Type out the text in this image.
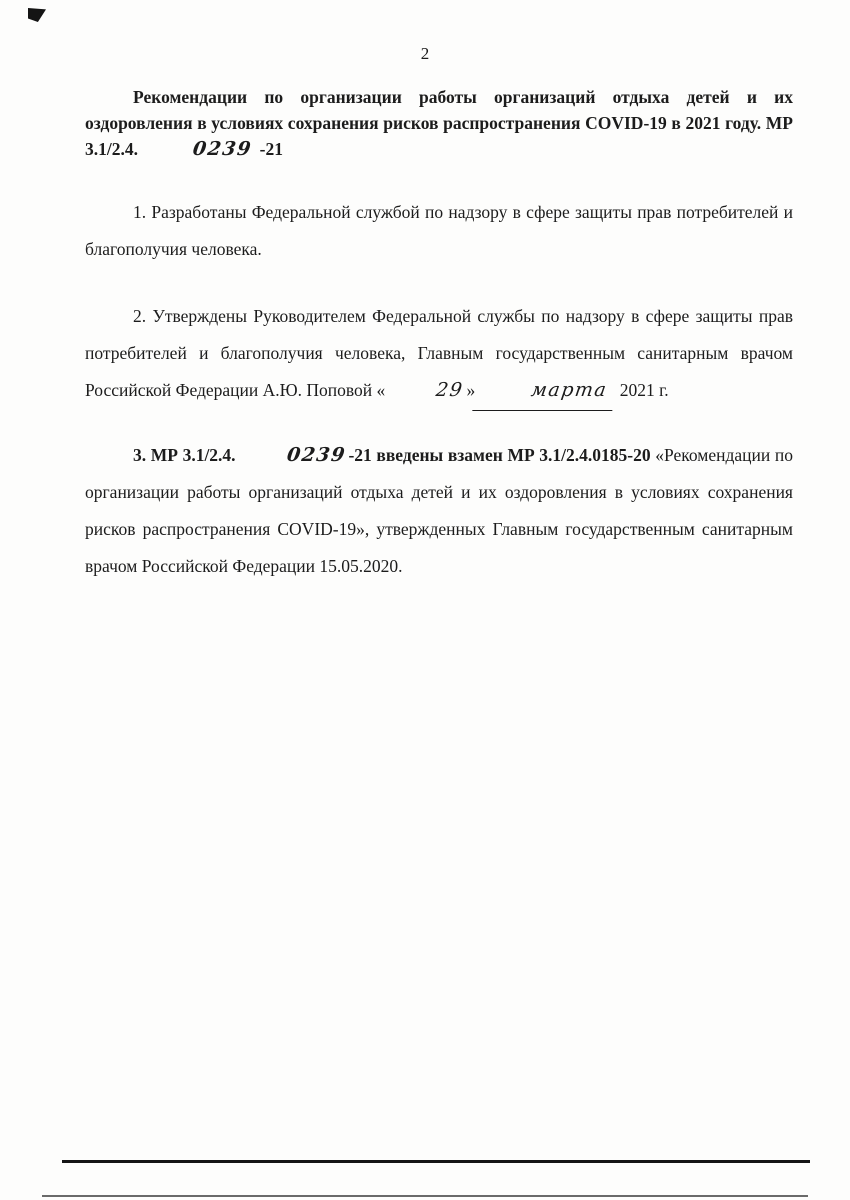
2

Рекомендации по организации работы организаций отдыха детей и их оздоровления в условиях сохранения рисков распространения COVID-19 в 2021 году. МР 3.1/2.4.	0239 -21

1. Разработаны Федеральной службой по надзору в сфере защиты прав потребителей и благополучия человека.

2. Утверждены Руководителем Федеральной службы по надзору в сфере защиты прав потребителей и благополучия человека, Главным государственным санитарным врачом Российской Федерации А.Ю. Поповой «	29»	марта 2021 г.

3. МР 3.1/2.4.	0239-21 введены взамен МР 3.1/2.4.0185-20 «Рекомендации по организации работы организаций отдыха детей и их оздоровления в условиях сохранения рисков распространения COVID-19», утвержденных Главным государственным санитарным врачом Российской Федерации 15.05.2020.
